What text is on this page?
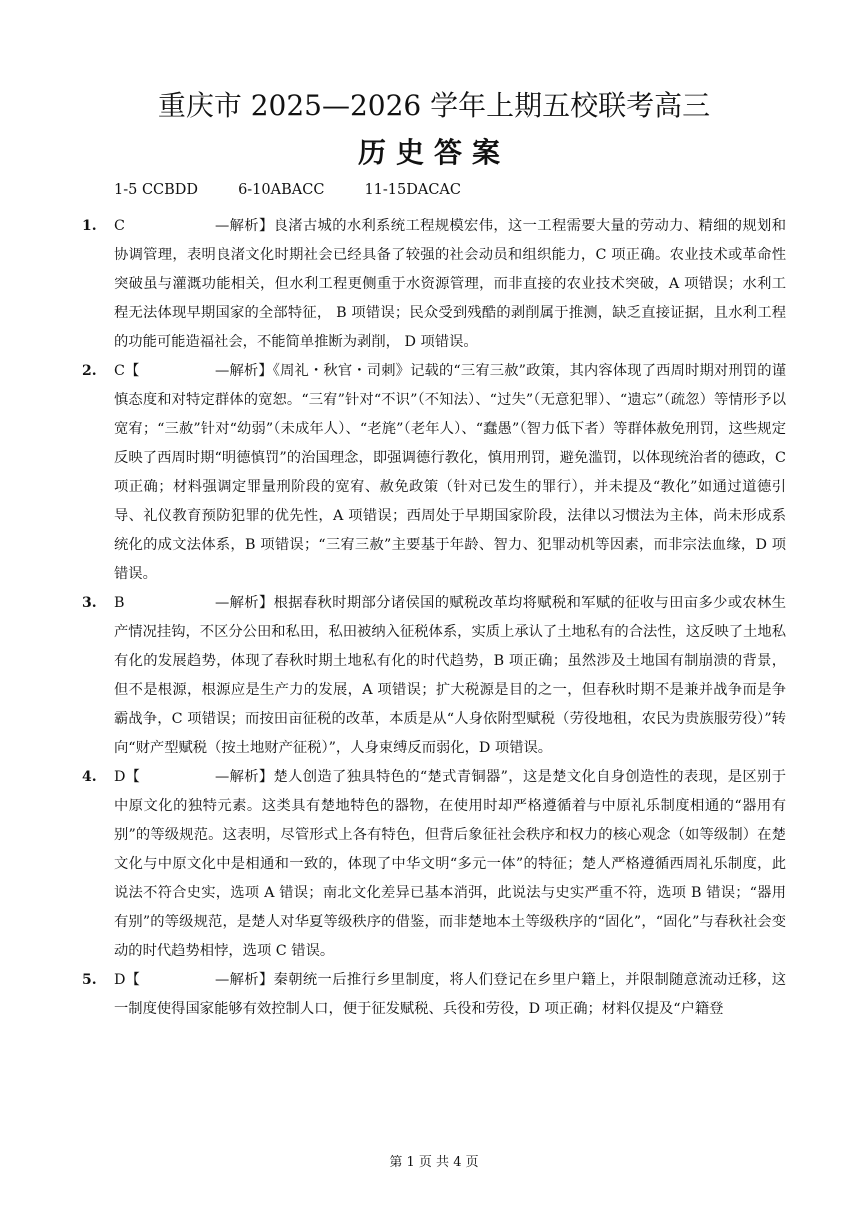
重庆市 2025—2026 学年上期五校联考高三
历史答案
1-5 CCBDD	6-10ABACC	11-15DACAC
1. C	—解析】良渚古城的水利系统工程规模宏伟，这一工程需要大量的劳动力、精细的规划和协调管理，表明良渚文化时期社会已经具备了较强的社会动员和组织能力，C 项正确。农业技术或革命性突破虽与灌溉功能相关，但水利工程更侧重于水资源管理，而非直接的农业技术突破，A 项错误；水利工程无法体现早期国家的全部特征， B 项错误；民众受到残酷的剥削属于推测，缺乏直接证据，且水利工程的功能可能造福社会，不能简单推断为剥削， D 项错误。
2. C【	—解析】《周礼・秋官・司刺》记载的“三宥三赦”政策，其内容体现了西周时期对刑罚的谨慎态度和对特定群体的宽恕。“三宥”针对“不识”（不知法）、“过失”（无意犯罪）、“遗忘”（疏忽）等情形予以宽宥；“三赦”针对“幼弱”（未成年人）、“老旄”（老年人）、“蠢愚”（智力低下者）等群体赦免刑罚，这些规定反映了西周时期“明德慎罚”的治国理念，即强调德行教化，慎用刑罚，避免滥罚，以体现统治者的德政，C 项正确；材料强调定罪量刑阶段的宽宥、赦免政策（针对已发生的罪行），并未提及“教化”如通过道德引导、礼仪教育预防犯罪的优先性，A 项错误；西周处于早期国家阶段，法律以习惯法为主体，尚未形成系统化的成文法体系，B 项错误；“三宥三赦”主要基于年龄、智力、犯罪动机等因素，而非宗法血缘，D 项错误。
3. B	—解析】根据春秋时期部分诸侯国的赋税改革均将赋税和军赋的征收与田亩多少或农林生产情况挂钩，不区分公田和私田，私田被纳入征税体系，实质上承认了土地私有的合法性，这反映了土地私有化的发展趋势，体现了春秋时期土地私有化的时代趋势，B 项正确；虽然涉及土地国有制崩溃的背景，但不是根源，根源应是生产力的发展，A 项错误；扩大税源是目的之一，但春秋时期不是兼并战争而是争霸战争，C 项错误；而按田亩征税的改革，本质是从“人身依附型赋税（劳役地租，农民为贵族服劳役）”转向“财产型赋税（按土地财产征税）”，人身束缚反而弱化，D 项错误。
4. D【	—解析】楚人创造了独具特色的“楚式青铜器”，这是楚文化自身创造性的表现，是区别于中原文化的独特元素。这类具有楚地特色的器物，在使用时却严格遵循着与中原礼乐制度相通的“器用有别”的等级规范。这表明，尽管形式上各有特色，但背后象征社会秩序和权力的核心观念（如等级制）在楚文化与中原文化中是相通和一致的，体现了中华文明“多元一体”的特征；楚人严格遵循西周礼乐制度，此说法不符合史实，选项 A 错误；南北文化差异已基本消弭，此说法与史实严重不符，选项 B 错误；“器用有别”的等级规范，是楚人对华夏等级秩序的借鉴，而非楚地本土等级秩序的“固化”，“固化”与春秋社会变动的时代趋势相悖，选项 C 错误。
5. D【	—解析】秦朝统一后推行乡里制度，将人们登记在乡里户籍上，并限制随意流动迁移，这一制度使得国家能够有效控制人口，便于征发赋税、兵役和劳役，D 项正确；材料仅提及“户籍登
第 1 页 共 4 页
